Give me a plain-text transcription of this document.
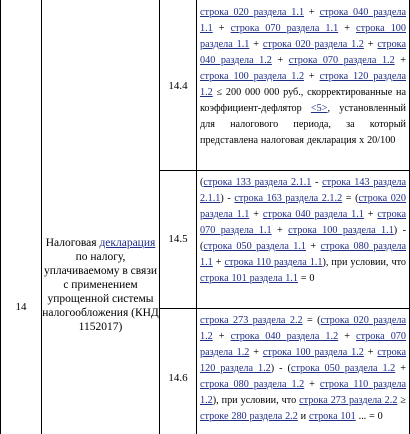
14
Налоговая декларация по налогу, уплачиваемому в связи с применением упрощенной системы налогообложения (КНД 1152017)
14.4
строка 020 раздела 1.1 + строка 040 раздела 1.1 + строка 070 раздела 1.1 + строка 100 раздела 1.1 + строка 020 раздела 1.2 + строка 040 раздела 1.2 + строка 070 раздела 1.2 + строка 100 раздела 1.2 + строка 120 раздела 1.2 ≤ 200 000 000 руб., скорректированные на коэффициент-дефлятор <5>, установленный для налогового периода, за который представлена налоговая декларация х 20/100
14.5
(строка 133 раздела 2.1.1 - строка 143 раздела 2.1.1) - строка 163 раздела 2.1.2 = (строка 020 раздела 1.1 + строка 040 раздела 1.1 + строка 070 раздела 1.1 + строка 100 раздела 1.1) - (строка 050 раздела 1.1 + строка 080 раздела 1.1 + строка 110 раздела 1.1), при условии, что строка 101 раздела 1.1 = 0
14.6
строка 273 раздела 2.2 = (строка 020 раздела 1.2 + строка 040 раздела 1.2 + строка 070 раздела 1.2 + строка 100 раздела 1.2 + строка 120 раздела 1.2) - (строка 050 раздела 1.2 + строка 080 раздела 1.2 + строка 110 раздела 1.2), при условии, что строка 273 раздела 2.2 ≥ строке 280 раздела 2.2 и строка 101 ... = 0
